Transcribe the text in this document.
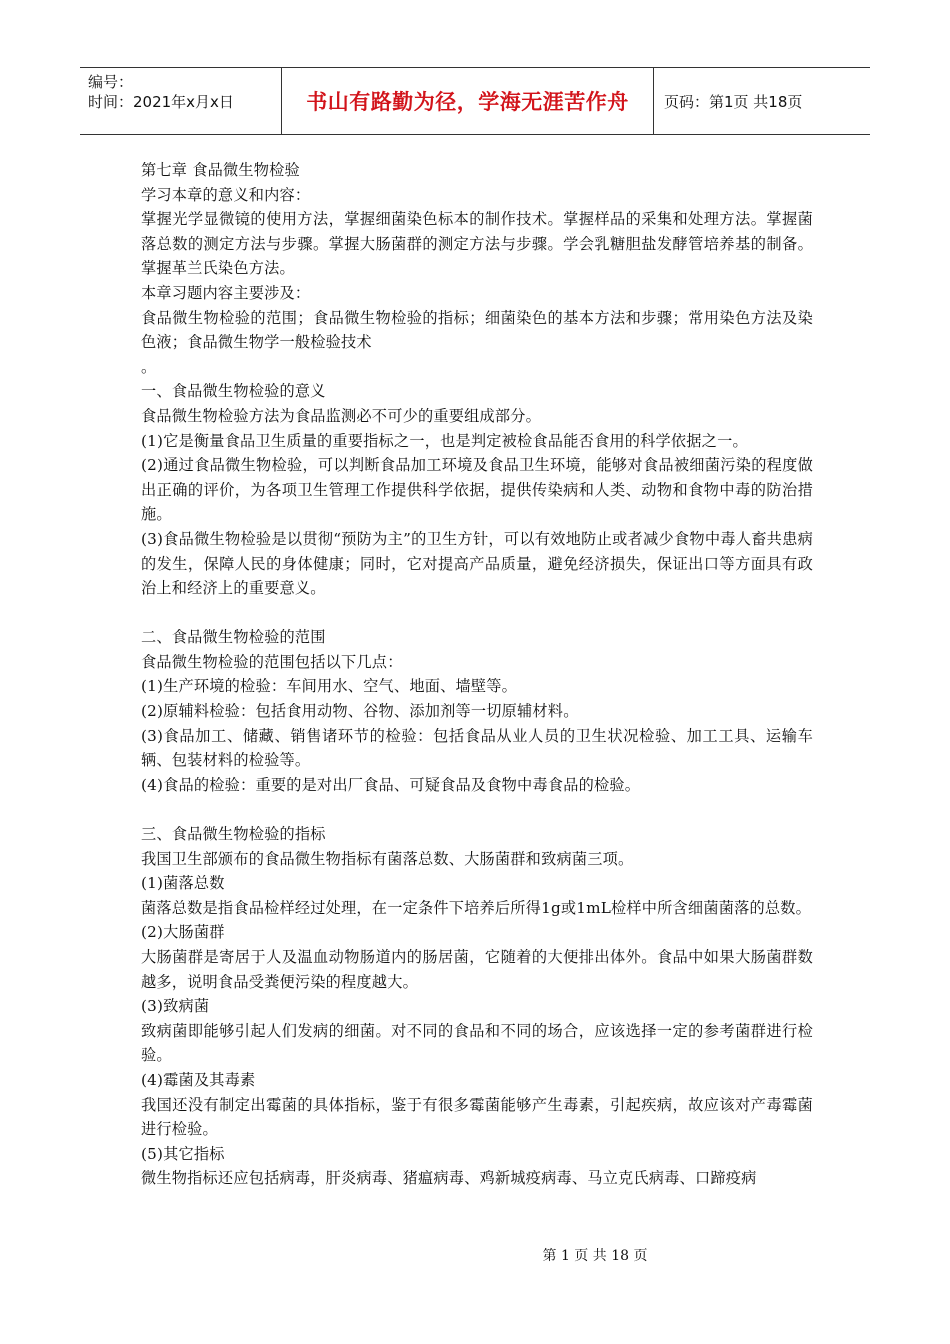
编号：
时间：2021年x月x日	书山有路勤为径，学海无涯苦作舟	页码：第1页 共18页

第七章 食品微生物检验

学习本章的意义和内容：

掌握光学显微镜的使用方法，掌握细菌染色标本的制作技术。掌握样品的采集和处理方法。掌握菌落总数的测定方法与步骤。掌握大肠菌群的测定方法与步骤。学会乳糖胆盐发酵管培养基的制备。掌握革兰氏染色方法。

本章习题内容主要涉及：

食品微生物检验的范围；食品微生物检验的指标；细菌染色的基本方法和步骤；常用染色方法及染色液；食品微生物学一般检验技术

。

一、食品微生物检验的意义

食品微生物检验方法为食品监测必不可少的重要组成部分。

(1)它是衡量食品卫生质量的重要指标之一，也是判定被检食品能否食用的科学依据之一。

(2)通过食品微生物检验，可以判断食品加工环境及食品卫生环境，能够对食品被细菌污染的程度做出正确的评价，为各项卫生管理工作提供科学依据，提供传染病和人类、动物和食物中毒的防治措施。

(3)食品微生物检验是以贯彻“预防为主”的卫生方针，可以有效地防止或者减少食物中毒人畜共患病的发生，保障人民的身体健康；同时，它对提高产品质量，避免经济损失，保证出口等方面具有政治上和经济上的重要意义。

二、食品微生物检验的范围

食品微生物检验的范围包括以下几点：

(1)生产环境的检验：车间用水、空气、地面、墙壁等。

(2)原辅料检验：包括食用动物、谷物、添加剂等一切原辅材料。

(3)食品加工、储藏、销售诸环节的检验：包括食品从业人员的卫生状况检验、加工工具、运输车辆、包装材料的检验等。

(4)食品的检验：重要的是对出厂食品、可疑食品及食物中毒食品的检验。

三、食品微生物检验的指标

我国卫生部颁布的食品微生物指标有菌落总数、大肠菌群和致病菌三项。

(1)菌落总数

菌落总数是指食品检样经过处理，在一定条件下培养后所得1g或1mL检样中所含细菌菌落的总数。

(2)大肠菌群

大肠菌群是寄居于人及温血动物肠道内的肠居菌，它随着的大便排出体外。食品中如果大肠菌群数越多，说明食品受粪便污染的程度越大。

(3)致病菌

致病菌即能够引起人们发病的细菌。对不同的食品和不同的场合，应该选择一定的参考菌群进行检验。

(4)霉菌及其毒素

我国还没有制定出霉菌的具体指标，鉴于有很多霉菌能够产生毒素，引起疾病，故应该对产毒霉菌进行检验。

(5)其它指标

微生物指标还应包括病毒，肝炎病毒、猪瘟病毒、鸡新城疫病毒、马立克氏病毒、口蹄疫病

第 1 页 共 18 页
